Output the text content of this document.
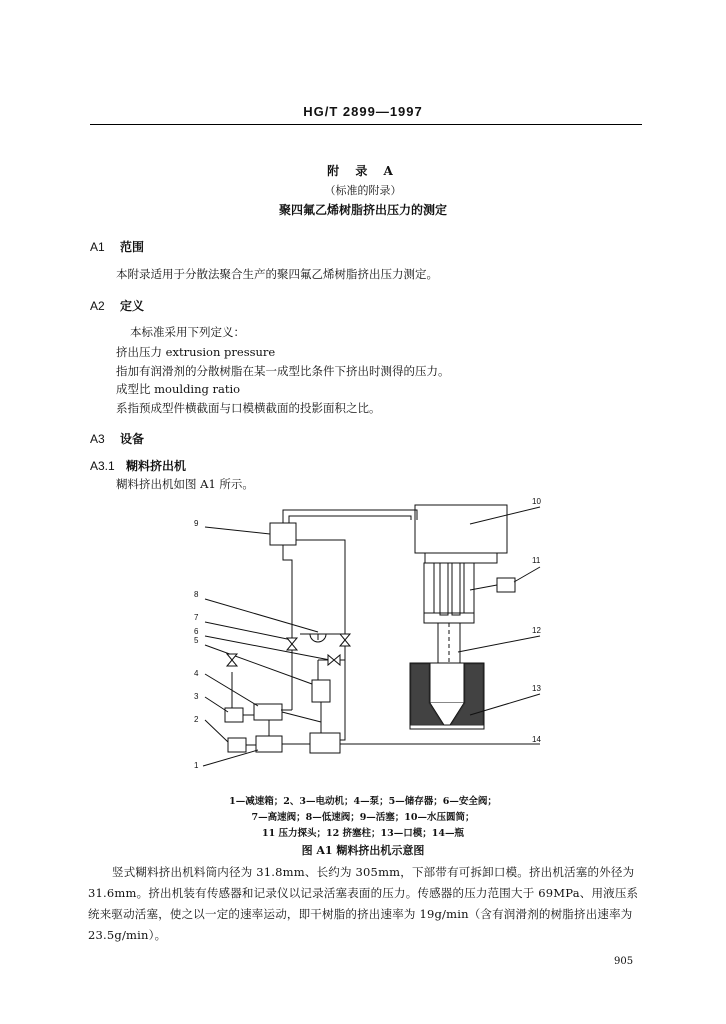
HG/T 2899—1997
附 录 A
（标准的附录）
聚四氟乙烯树脂挤出压力的测定
A1 范围
本附录适用于分散法聚合生产的聚四氟乙烯树脂挤出压力测定。
A2 定义
本标准采用下列定义：
挤出压力 extrusion pressure
指加有润滑剂的分散树脂在某一成型比条件下挤出时测得的压力。
成型比 moulding ratio
系指预成型件横截面与口模横截面的投影面积之比。
A3 设备
A3.1 糊料挤出机
糊料挤出机如图 A1 所示。
9
8
7
6
5
4
3
2
1
10
11
12
13
14
1—减速箱；2、3—电动机；4—泵；5—储存器；6—安全阀；
7—高速阀；8—低速阀；9—活塞；10—水压圆筒；
11 压力探头；12 挤塞柱；13—口模；14—瓶
图 A1 糊料挤出机示意图
竖式糊料挤出机料筒内径为 31.8mm、长约为 305mm，下部带有可拆卸口模。挤出机活塞的外径为 31.6mm。挤出机装有传感器和记录仪以记录活塞表面的压力。传感器的压力范围大于 69MPa、用液压系统来驱动活塞，使之以一定的速率运动，即干树脂的挤出速率为 19g/min（含有润滑剂的树脂挤出速率为 23.5g/min）。
905
